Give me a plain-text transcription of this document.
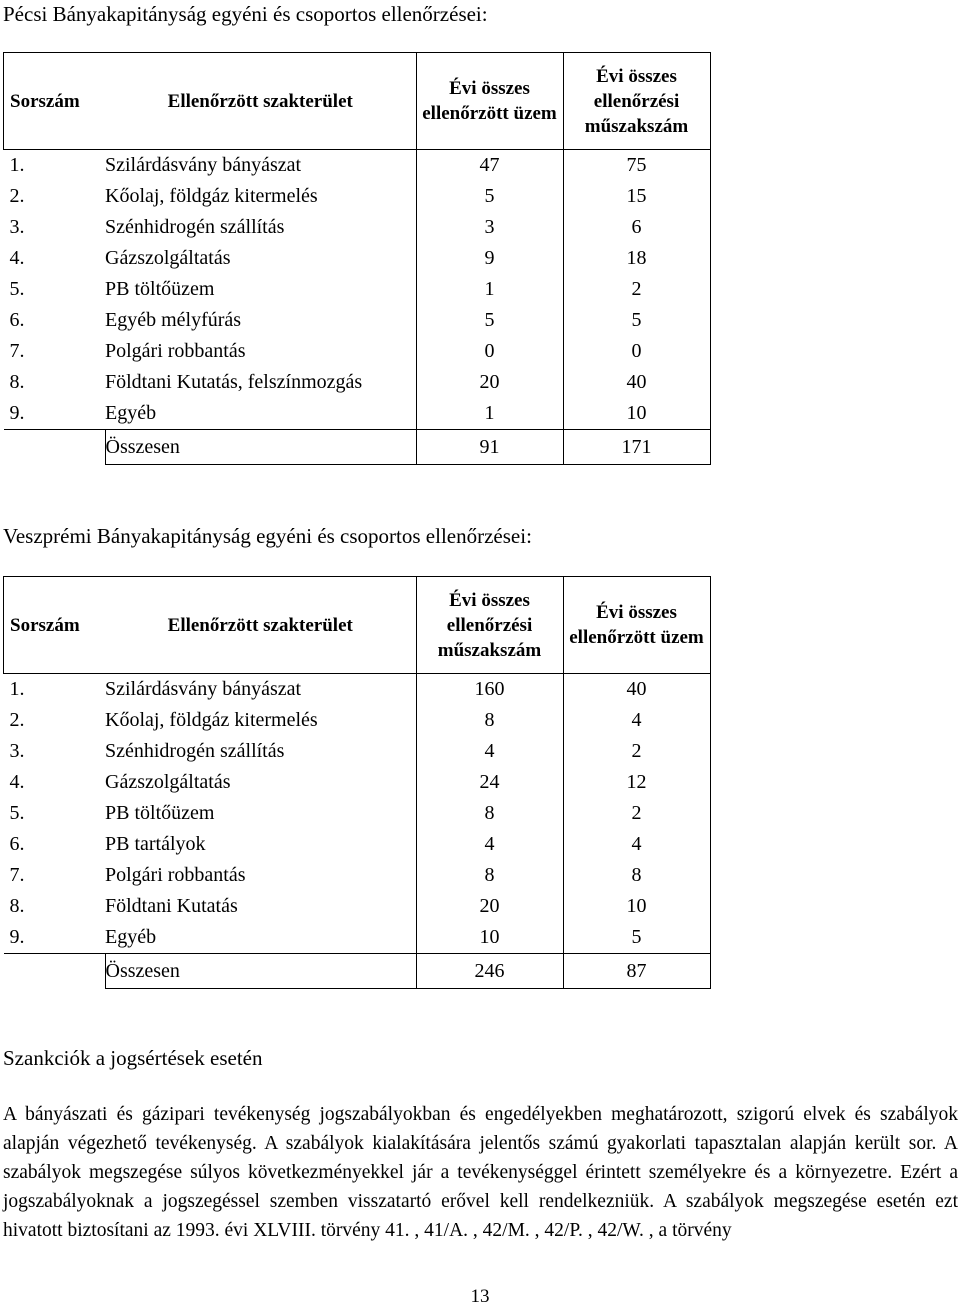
Pécsi Bányakapitányság egyéni és csoportos ellenőrzései:
Sorszám	Ellenőrzött szakterület	Évi összes ellenőrzött üzem	Évi összes ellenőrzési műszakszám
1.	Szilárdásvány bányászat	47	75
2.	Kőolaj, földgáz kitermelés	5	15
3.	Szénhidrogén szállítás	3	6
4.	Gázszolgáltatás	9	18
5.	PB töltőüzem	1	2
6.	Egyéb mélyfúrás	5	5
7.	Polgári robbantás	0	0
8.	Földtani Kutatás, felszínmozgás	20	40
9.	Egyéb	1	10
	Összesen	91	171
Veszprémi Bányakapitányság egyéni és csoportos ellenőrzései:
Sorszám	Ellenőrzött szakterület	Évi összes ellenőrzési műszakszám	Évi összes ellenőrzött üzem
1.	Szilárdásvány bányászat	160	40
2.	Kőolaj, földgáz kitermelés	8	4
3.	Szénhidrogén szállítás	4	2
4.	Gázszolgáltatás	24	12
5.	PB töltőüzem	8	2
6.	PB tartályok	4	4
7.	Polgári robbantás	8	8
8.	Földtani Kutatás	20	10
9.	Egyéb	10	5
	Összesen	246	87
Szankciók a jogsértések esetén

A bányászati és gázipari tevékenység jogszabályokban és engedélyekben meghatározott, szigorú elvek és szabályok alapján végezhető tevékenység. A szabályok kialakítására jelentős számú gyakorlati tapasztalan alapján került sor. A szabályok megszegése súlyos következményekkel jár a tevékenységgel érintett személyekre és a környezetre. Ezért a jogszabályoknak a jogszegéssel szemben visszatartó erővel kell rendelkezniük. A szabályok megszegése esetén ezt hivatott biztosítani az 1993. évi XLVIII. törvény 41. , 41/A. , 42/M. , 42/P. , 42/W. , a törvény

13
